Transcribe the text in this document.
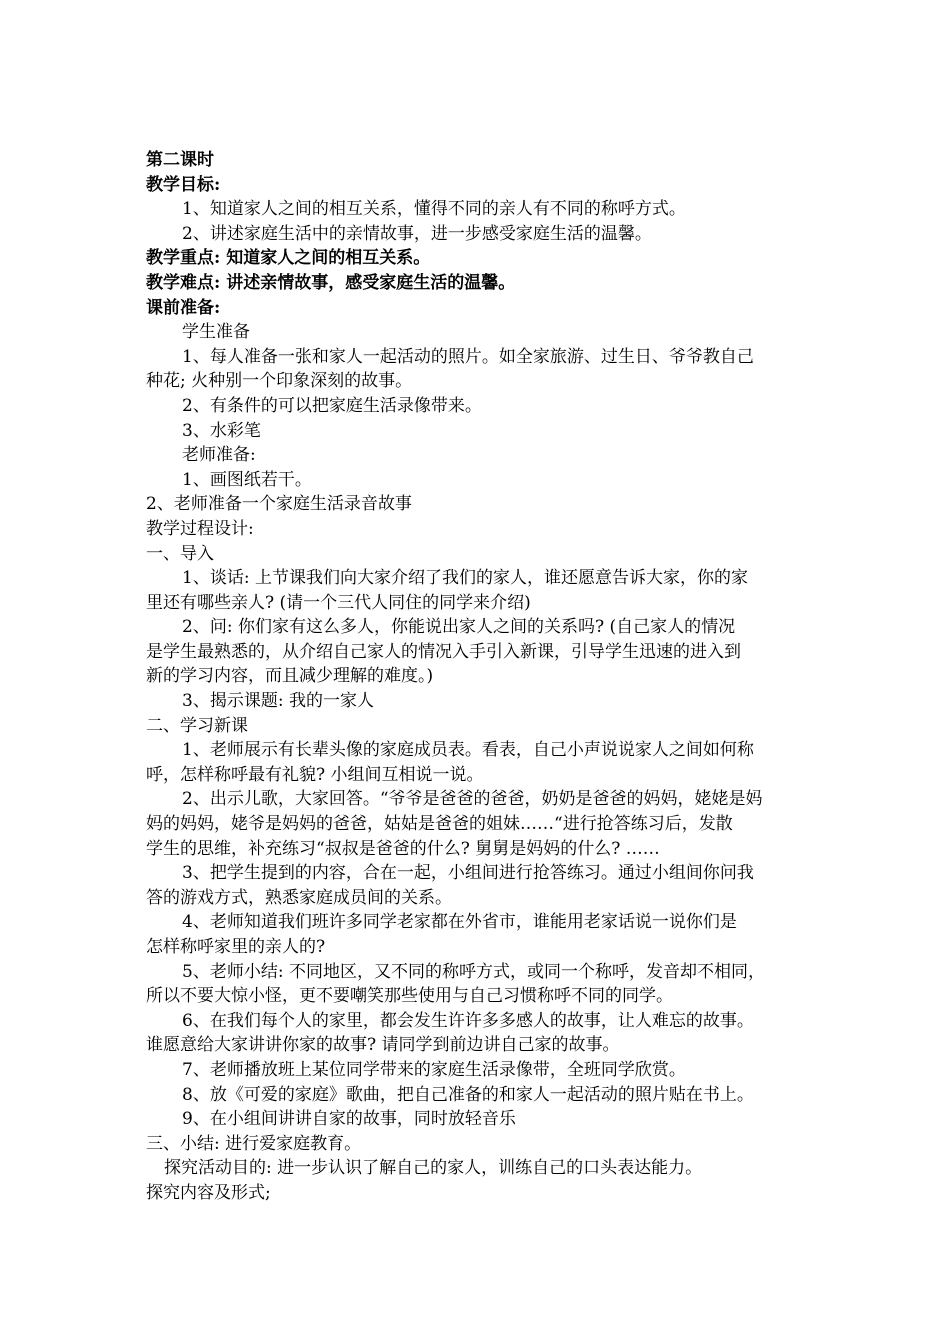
第二课时
教学目标:
1、知道家人之间的相互关系，懂得不同的亲人有不同的称呼方式。
2、讲述家庭生活中的亲情故事，进一步感受家庭生活的温馨。
教学重点: 知道家人之间的相互关系。
教学难点: 讲述亲情故事，感受家庭生活的温馨。
课前准备:
学生准备
1、每人准备一张和家人一起活动的照片。如全家旅游、过生日、爷爷教自己
种花; 火种别一个印象深刻的故事。
2、有条件的可以把家庭生活录像带来。
3、水彩笔
老师准备:
1、画图纸若干。
2、老师准备一个家庭生活录音故事
教学过程设计:
一、导入
1、谈话: 上节课我们向大家介绍了我们的家人，谁还愿意告诉大家，你的家
里还有哪些亲人? (请一个三代人同住的同学来介绍)
2、问: 你们家有这么多人，你能说出家人之间的关系吗? (自己家人的情况
是学生最熟悉的，从介绍自己家人的情况入手引入新课，引导学生迅速的进入到
新的学习内容，而且减少理解的难度。)
3、揭示课题: 我的一家人
二、学习新课
1、老师展示有长辈头像的家庭成员表。看表，自己小声说说家人之间如何称
呼，怎样称呼最有礼貌? 小组间互相说一说。
2、出示儿歌，大家回答。“爷爷是爸爸的爸爸，奶奶是爸爸的妈妈，姥姥是妈
妈的妈妈，姥爷是妈妈的爸爸，姑姑是爸爸的姐妹……“进行抢答练习后，发散
学生的思维，补充练习“叔叔是爸爸的什么? 舅舅是妈妈的什么? ……
3、把学生提到的内容，合在一起，小组间进行抢答练习。通过小组间你问我
答的游戏方式，熟悉家庭成员间的关系。
4、老师知道我们班许多同学老家都在外省市，谁能用老家话说一说你们是
怎样称呼家里的亲人的?
5、老师小结: 不同地区，又不同的称呼方式，或同一个称呼，发音却不相同，
所以不要大惊小怪，更不要嘲笑那些使用与自己习惯称呼不同的同学。
6、在我们每个人的家里，都会发生许许多多感人的故事，让人难忘的故事。
谁愿意给大家讲讲你家的故事? 请同学到前边讲自己家的故事。
7、老师播放班上某位同学带来的家庭生活录像带，全班同学欣赏。
8、放《可爱的家庭》歌曲，把自己准备的和家人一起活动的照片贴在书上。
9、在小组间讲讲自家的故事，同时放轻音乐
三、小结: 进行爱家庭教育。
探究活动目的: 进一步认识了解自己的家人，训练自己的口头表达能力。
探究内容及形式;
